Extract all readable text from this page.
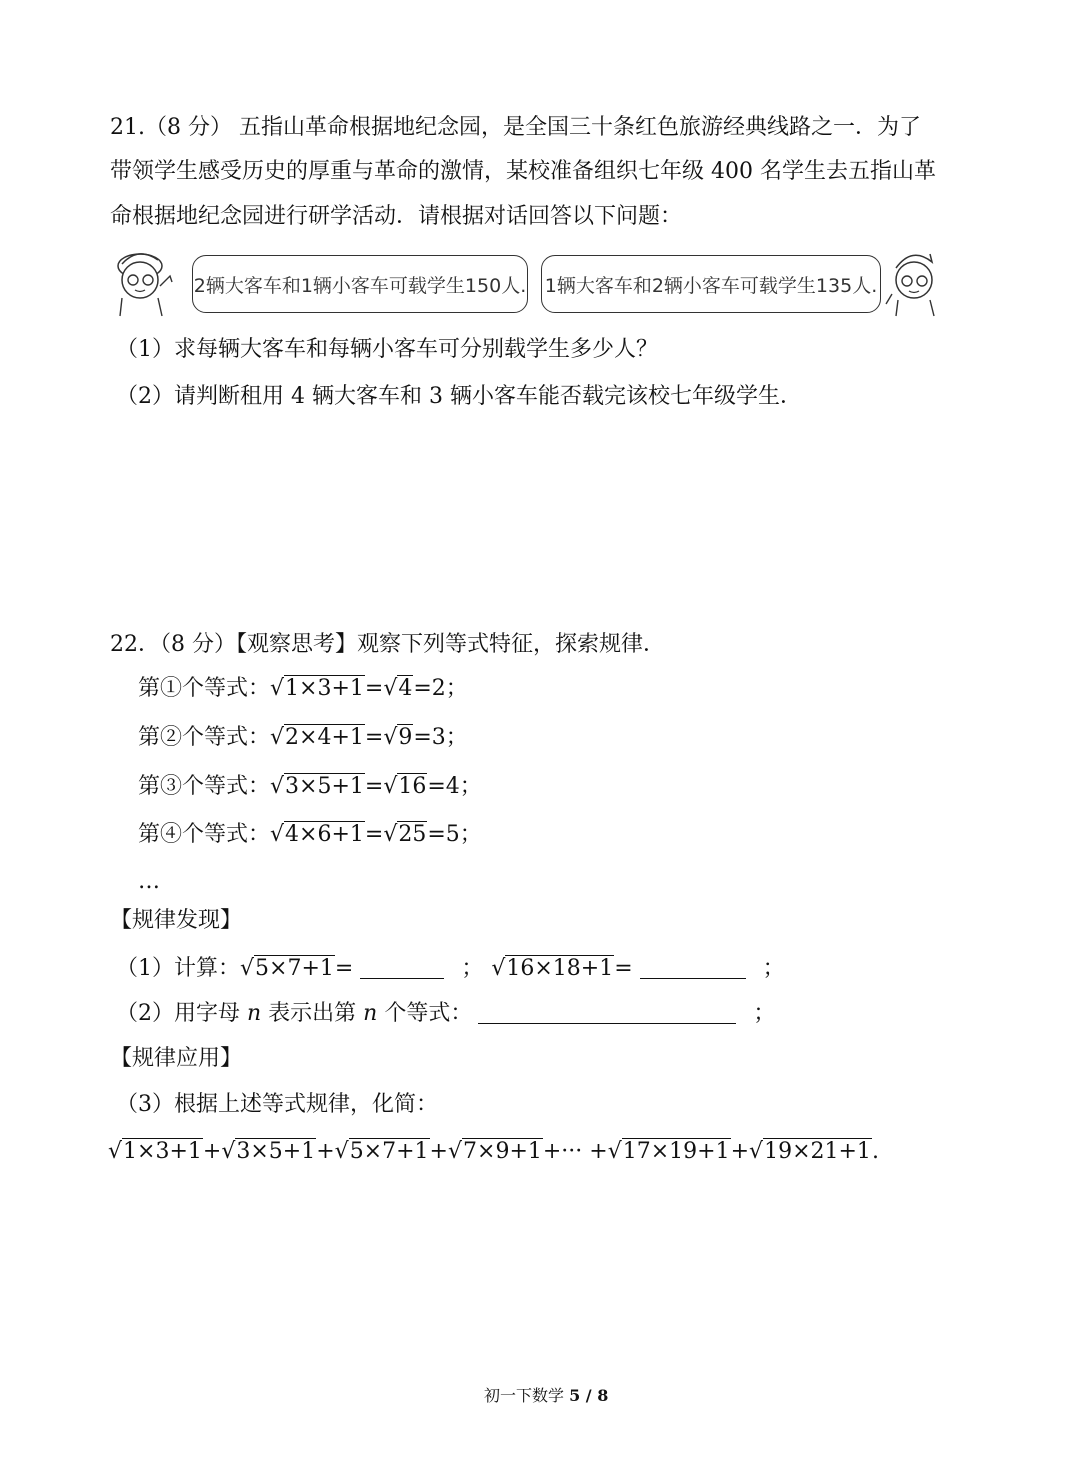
21.（8 分） 五指山革命根据地纪念园，是全国三十条红色旅游经典线路之一．为了
带领学生感受历史的厚重与革命的激情，某校准备组织七年级 400 名学生去五指山革
命根据地纪念园进行研学活动．请根据对话回答以下问题：
2辆大客车和1辆小客车可载学生150人. 1辆大客车和2辆小客车可载学生135人.
（1）求每辆大客车和每辆小客车可分别载学生多少人？
（2）请判断租用 4 辆大客车和 3 辆小客车能否载完该校七年级学生．
22．（8 分）【观察思考】观察下列等式特征，探索规律．
第①个等式： √ 1×3+1 = √ 4 =2；
第②个等式： √ 2×4+1 = √ 9 =3；
第③个等式： √ 3×5+1 = √ 16 =4；
第④个等式： √ 4×6+1 = √ 25 =5；
…
【规律发现】
（1）计算： √ 5×7+1 =	； √ 16×18+1 =	；
（2）用字母 n 表示出第 n 个等式：	；
【规律应用】
（3）根据上述等式规律，化简：
√ 1×3+1 + √ 3×5+1 + √ 5×7+1 + √ 7×9+1 +··· + √ 17×19+1 + √ 19×21+1 .
初一下数学 5 / 8
